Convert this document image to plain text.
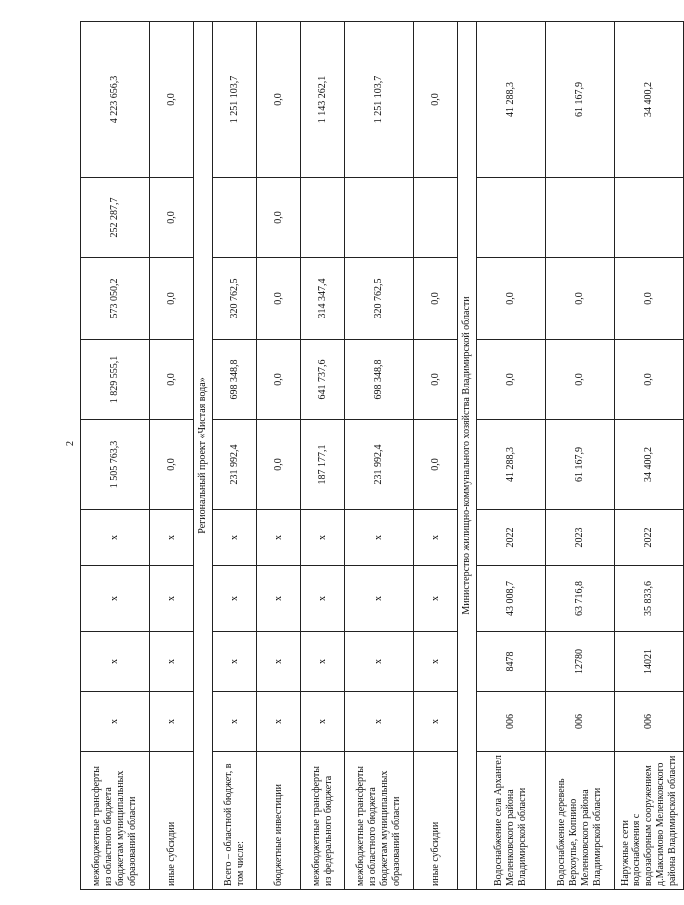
2
межбюджетные трансферты из областного бюджета бюджетам муниципальных образований области	x	x	x	x	1 505 763,3	1 829 555,1	573 050,2	252 287,7	4 223 656,3
иные субсидии	x	x	x	x	0,0	0,0	0,0	0,0	0,0
Региональный проект «Чистая вода»									
Всего – областной бюджет, в том числе:	x	x	x	x	231 992,4	698 348,8	320 762,5		1 251 103,7
бюджетные инвестиции	x	x	x	x	0,0	0,0	0,0	0,0	0,0
межбюджетные трансферты из федерального бюджета	x	x	x	x	187 177,1	641 737,6	314 347,4		1 143 262,1
межбюджетные трансферты из областного бюджета бюджетам муниципальных образований области	x	x	x	x	231 992,4	698 348,8	320 762,5		1 251 103,7
иные субсидии	x	x	x	x	0,0	0,0	0,0		0,0
Министерство жилищно-коммунального хозяйства Владимирской области									
Водоснабжение села Архангел Меленковского района Владимирской области	006	8478	43 008,7	2022	41 288,3	0,0	0,0		41 288,3
Водоснабжение деревень Верхоупье, Копнино Меленковского района Владимирской области	006	12780	63 716,8	2023	61 167,9	0,0	0,0		61 167,9
Наружные сети водоснабжения с водозаборным сооружением д.Максимово Меленковского района Владимирской области	006	14021	35 833,6	2022	34 400,2	0,0	0,0		34 400,2
